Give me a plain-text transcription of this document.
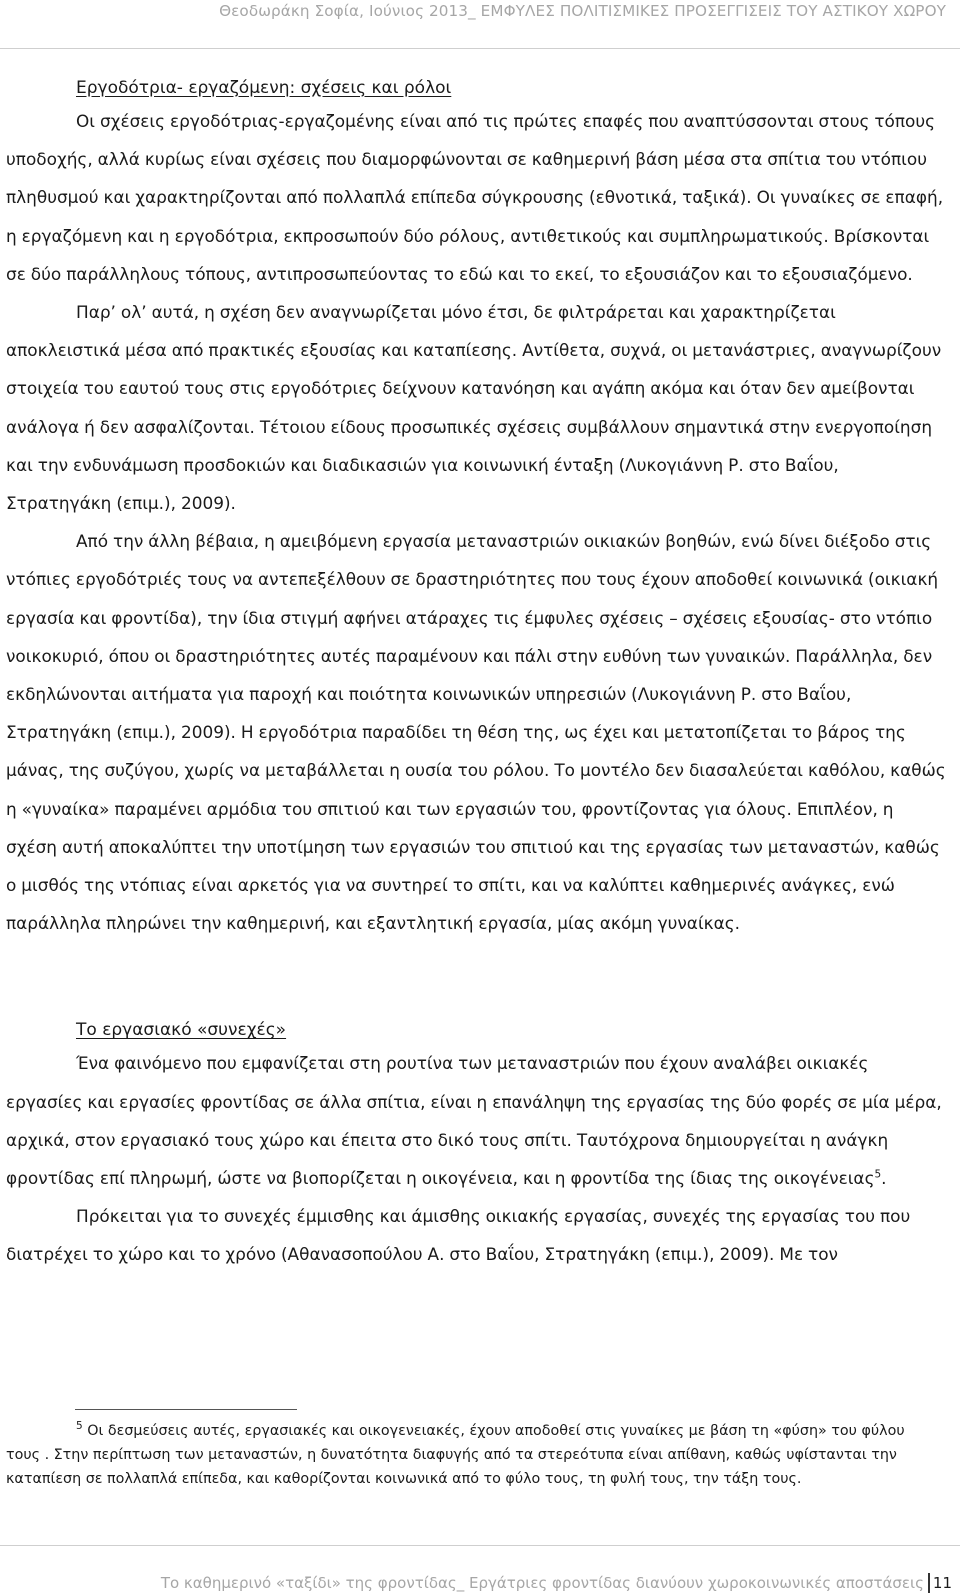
Θεοδωράκη Σοφία, Ιούνιος 2013_ ΕΜΦΥΛΕΣ ΠΟΛΙΤΙΣΜΙΚΕΣ ΠΡΟΣΕΓΓΙΣΕΙΣ ΤΟΥ ΑΣΤΙΚΟΥ ΧΩΡΟΥ
Εργοδότρια- εργαζόμενη: σχέσεις και ρόλοι

Οι σχέσεις εργοδότριας-εργαζομένης είναι από τις πρώτες επαφές που αναπτύσσονται στους τόπους υποδοχής, αλλά κυρίως είναι σχέσεις που διαμορφώνονται σε καθημερινή βάση μέσα στα σπίτια του ντόπιου πληθυσμού και χαρακτηρίζονται από πολλαπλά επίπεδα σύγκρουσης (εθνοτικά, ταξικά). Οι γυναίκες σε επαφή, η εργαζόμενη και η εργοδότρια, εκπροσωπούν δύο ρόλους, αντιθετικούς και συμπληρωματικούς. Βρίσκονται σε δύο παράλληλους τόπους, αντιπροσωπεύοντας το εδώ και το εκεί, το εξουσιάζον και το εξουσιαζόμενο.

Παρ’ ολ’ αυτά, η σχέση δεν αναγνωρίζεται μόνο έτσι, δε φιλτράρεται και χαρακτηρίζεται αποκλειστικά μέσα από πρακτικές εξουσίας και καταπίεσης. Αντίθετα, συχνά, οι μετανάστριες, αναγνωρίζουν στοιχεία του εαυτού τους στις εργοδότριες δείχνουν κατανόηση και αγάπη ακόμα και όταν δεν αμείβονται ανάλογα ή δεν ασφαλίζονται. Τέτοιου είδους προσωπικές σχέσεις συμβάλλουν σημαντικά στην ενεργοποίηση και την ενδυνάμωση προσδοκιών και διαδικασιών για κοινωνική ένταξη (Λυκογιάννη Ρ. στο Βαΐου, Στρατηγάκη (επιμ.), 2009).

Από την άλλη βέβαια, η αμειβόμενη εργασία μεταναστριών οικιακών βοηθών, ενώ δίνει διέξοδο στις ντόπιες εργοδότριές τους να αντεπεξέλθουν σε δραστηριότητες που τους έχουν αποδοθεί κοινωνικά (οικιακή εργασία και φροντίδα), την ίδια στιγμή αφήνει ατάραχες τις έμφυλες σχέσεις – σχέσεις εξουσίας- στο ντόπιο νοικοκυριό, όπου οι δραστηριότητες αυτές παραμένουν και πάλι στην ευθύνη των γυναικών. Παράλληλα, δεν εκδηλώνονται αιτήματα για παροχή και ποιότητα κοινωνικών υπηρεσιών (Λυκογιάννη Ρ. στο Βαΐου, Στρατηγάκη (επιμ.), 2009). Η εργοδότρια παραδίδει τη θέση της, ως έχει και μετατοπίζεται το βάρος της μάνας, της συζύγου, χωρίς να μεταβάλλεται η ουσία του ρόλου. Το μοντέλο δεν διασαλεύεται καθόλου, καθώς η «γυναίκα» παραμένει αρμόδια του σπιτιού και των εργασιών του, φροντίζοντας για όλους. Επιπλέον, η σχέση αυτή αποκαλύπτει την υποτίμηση των εργασιών του σπιτιού και της εργασίας των μεταναστών, καθώς ο μισθός της ντόπιας είναι αρκετός για να συντηρεί το σπίτι, και να καλύπτει καθημερινές ανάγκες, ενώ παράλληλα πληρώνει την καθημερινή, και εξαντλητική εργασία, μίας ακόμη γυναίκας.

Το εργασιακό «συνεχές»

Ένα φαινόμενο που εμφανίζεται στη ρουτίνα των μεταναστριών που έχουν αναλάβει οικιακές εργασίες και εργασίες φροντίδας σε άλλα σπίτια, είναι η επανάληψη της εργασίας της δύο φορές σε μία μέρα, αρχικά, στον εργασιακό τους χώρο και έπειτα στο δικό τους σπίτι. Ταυτόχρονα δημιουργείται η ανάγκη φροντίδας επί πληρωμή, ώστε να βιοπορίζεται η οικογένεια, και η φροντίδα της ίδιας της οικογένειας$^5$.

Πρόκειται για το συνεχές έμμισθης και άμισθης οικιακής εργασίας, συνεχές της εργασίας του που διατρέχει το χώρο και το χρόνο (Αθανασοπούλου Α. στο Βαΐου, Στρατηγάκη (επιμ.), 2009). Με τον

$^5$ Οι δεσμεύσεις αυτές, εργασιακές και οικογενειακές, έχουν αποδοθεί στις γυναίκες με βάση τη «φύση» του φύλου τους . Στην περίπτωση των μεταναστών, η δυνατότητα διαφυγής από τα στερεότυπα είναι απίθανη, καθώς υφίστανται την καταπίεση σε πολλαπλά επίπεδα, και καθορίζονται κοινωνικά από το φύλο τους, τη φυλή τους, την τάξη τους.
Το καθημερινό «ταξίδι» της φροντίδας_ Εργάτριες φροντίδας διανύουν χωροκοινωνικές αποστάσεις 11
